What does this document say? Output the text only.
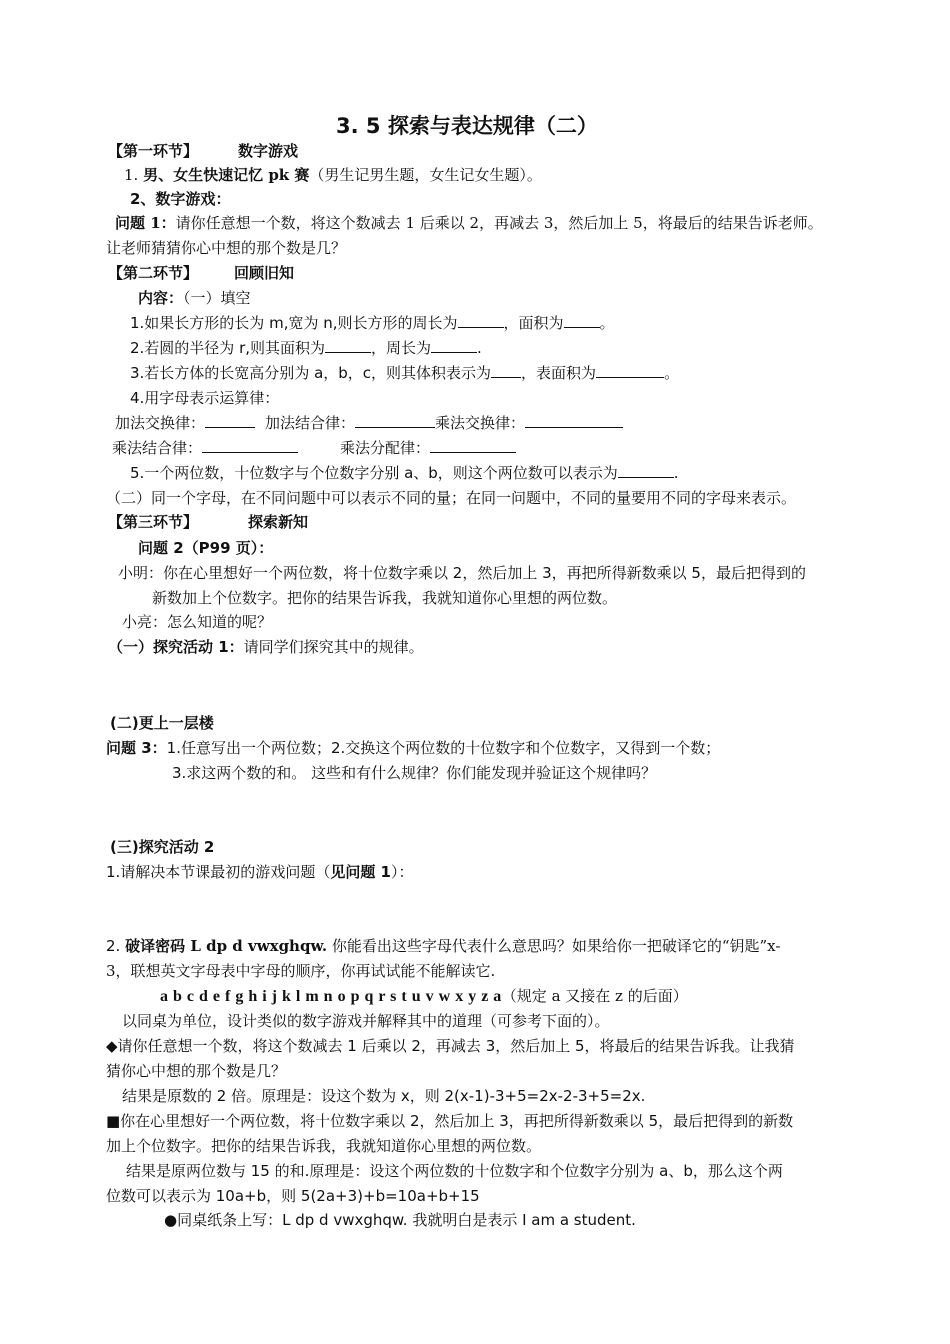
3. 5 探索与表达规律（二）
【第一环节】	数字游戏
1. 男、女生快速记忆 pk 赛（男生记男生题，女生记女生题）。
2、数字游戏：
问题 1：请你任意想一个数，将这个数减去 1 后乘以 2，再减去 3，然后加上 5，将最后的结果告诉老师。
让老师猜猜你心中想的那个数是几？
【第二环节】 回顾旧知
内容：（一）填空
1.如果长方形的长为 m,宽为 n,则长方形的周长为	，面积为 。
2.若圆的半径为 r,则其面积为	，周长为	.
3.若长方体的长宽高分别为 a，b，c，则其体积表示为 ，表面积为	。
4.用字母表示运算律：
加法交换律：	加法结合律：	乘法交换律：
乘法结合律：	乘法分配律：
5.一个两位数，十位数字与个位数字分别 a、b，则这个两位数可以表示为	.
（二）同一个字母，在不同问题中可以表示不同的量；在同一问题中，不同的量要用不同的字母来表示。
【第三环节】	探索新知
问题 2（P99 页）：
小明：你在心里想好一个两位数，将十位数字乘以 2，然后加上 3，再把所得新数乘以 5，最后把得到的
新数加上个位数字。把你的结果告诉我，我就知道你心里想的两位数。
小亮：怎么知道的呢？
（一）探究活动 1：请同学们探究其中的规律。
(二)更上一层楼
问题 3：1.任意写出一个两位数；2.交换这个两位数的十位数字和个位数字，又得到一个数；
3.求这两个数的和。 这些和有什么规律？你们能发现并验证这个规律吗？
(三)探究活动 2
1.请解决本节课最初的游戏问题（见问题 1）：
2. 破译密码 L dp d vwxghqw. 你能看出这些字母代表什么意思吗？如果给你一把破译它的“钥匙”x-
3，联想英文字母表中字母的顺序，你再试试能不能解读它.
a b c d e f g h i j k l m n o p q r s t u v w x y z a（规定 a 又接在 z 的后面）
以同桌为单位，设计类似的数字游戏并解释其中的道理（可参考下面的）。
◆请你任意想一个数，将这个数减去 1 后乘以 2，再减去 3，然后加上 5，将最后的结果告诉我。让我猜
猜你心中想的那个数是几？
结果是原数的 2 倍。原理是：设这个数为 x，则 2(x-1)-3+5=2x-2-3+5=2x.
■你在心里想好一个两位数，将十位数字乘以 2，然后加上 3，再把所得新数乘以 5，最后把得到的新数
加上个位数字。把你的结果告诉我，我就知道你心里想的两位数。
结果是原两位数与 15 的和.原理是：设这个两位数的十位数字和个位数字分别为 a、b，那么这个两
位数可以表示为 10a+b，则 5(2a+3)+b=10a+b+15
●同桌纸条上写：L dp d vwxghqw. 我就明白是表示 I am a student.
